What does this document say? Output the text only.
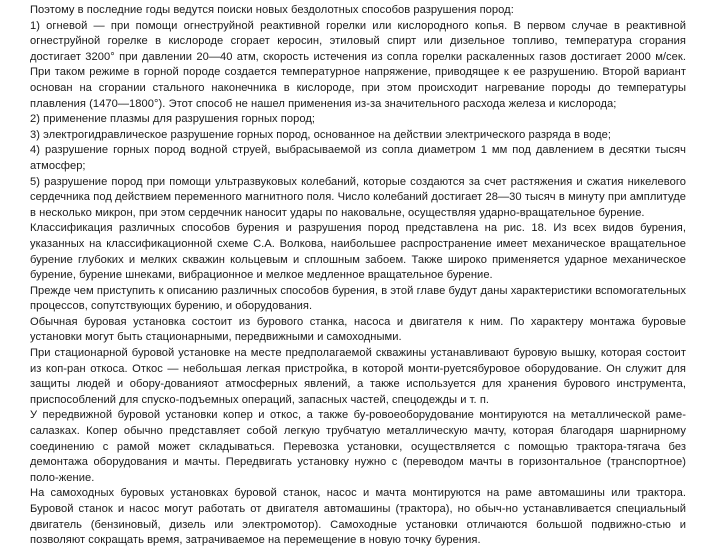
Поэтому в последние годы ведутся поиски новых бездолотных способов разрушения пород:

1) огневой — при помощи огнеструйной реактивной горелки или кислородного копья. В первом случае в реактивной огнеструйной горелке в кислороде сгорает керосин, этиловый спирт или дизельное топливо, температура сгорания достигает 3200° при давлении 20—40 атм, скорость истечения из сопла горелки раскаленных газов достигает 2000 м/сек. При таком режиме в горной породе создается температурное напряжение, приводящее к ее разрушению. Второй вариант основан на сгорании стального наконечника в кислороде, при этом происходит нагревание породы до температуры плавления (1470—1800°). Этот способ не нашел применения из-за значительного расхода железа и кислорода;

2) применение плазмы для разрушения горных пород;

3) электрогидравлическое разрушение горных пород, основанное на действии электрического разряда в воде;

4) разрушение горных пород водной струей, выбрасываемой из сопла диаметром 1 мм под давлением в десятки тысяч атмосфер;

5) разрушение пород при помощи ультразвуковых колебаний, которые создаются за счет растяжения и сжатия никелевого сердечника под действием переменного магнитного поля. Число колебаний достигает 28—30 тысяч в минуту при амплитуде в несколько микрон, при этом сердечник наносит удары по наковальне, осуществляя ударно-вращательное бурение.

Классификация различных способов бурения и разрушения пород представлена на рис. 18. Из всех видов бурения, указанных на классификационной схеме С.А. Волкова, наибольшее распространение имеет механическое вращательное бурение глубоких и мелких скважин кольцевым и сплошным забоем. Также широко применяется ударное механическое бурение, бурение шнеками, вибрационное и мелкое медленное вращательное бурение.

Прежде чем приступить к описанию различных способов бурения, в этой главе будут даны характеристики вспомогательных процессов, сопутствующих бурению, и оборудования.

Обычная буровая установка состоит из бурового станка, насоса и двигателя к ним. По характеру монтажа буровые установки могут быть стационарными, передвижными и самоходными.

При стационарной буровой установке на месте предполагаемой скважины устанавливают буровую вышку, которая состоит из коп-ран откоса. Откос — небольшая легкая пристройка, в которой монти-руетсябуровое оборудование. Он служит для защиты людей и обору-дованияот атмосферных явлений, а также используется для хранения бурового инструмента, приспособлений для спуско-подъемных операций, запасных частей, спецодежды и т. п.

У передвижной буровой установки копер и откос, а также бу-ровоеоборудование монтируются на металлической раме-салазках. Копер обычно представляет собой легкую трубчатую металлическую мачту, которая благодаря шарнирному соединению с рамой может складываться. Перевозка установки, осуществляется с помощью трактора-тягача без демонтажа оборудования и мачты. Передвигать установку нужно с (переводом мачты в горизонтальное (транспортное) поло-жение.

На самоходных буровых установках буровой станок, насос и мачта монтируются на раме автомашины или трактора. Буровой станок и насос могут работать от двигателя автомашины (трактора), но обыч-но устанавливается специальный двигатель (бензиновый, дизель или электромотор). Самоходные установки отличаются большой подвижно-стью и позволяют сокращать время, затрачиваемое на перемещение в новую точку бурения.
